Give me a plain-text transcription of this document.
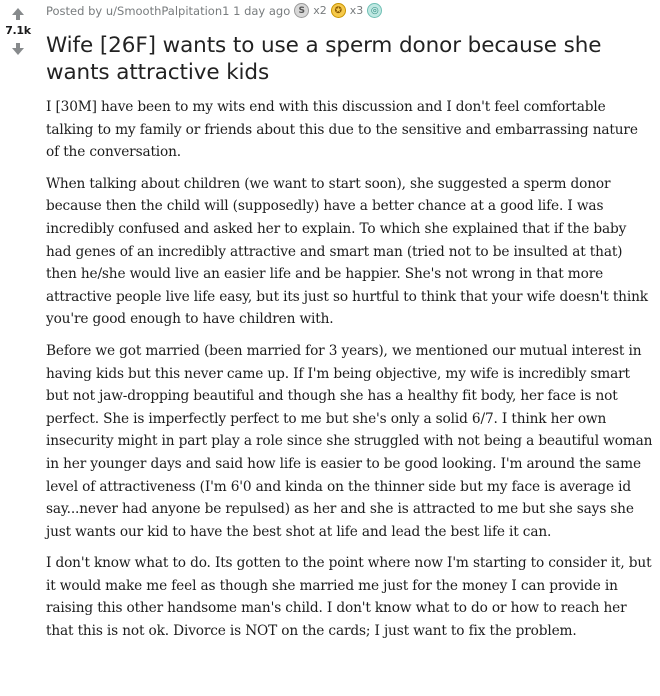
7.1k
Posted by u/SmoothPalpitation1 1 day ago S x2 ✪ x3 ◎
Wife [26F] wants to use a sperm donor because she wants attractive kids

I [30M] have been to my wits end with this discussion and I don't feel comfortable talking to my family or friends about this due to the sensitive and embarrassing nature of the conversation.

When talking about children (we want to start soon), she suggested a sperm donor because then the child will (supposedly) have a better chance at a good life. I was incredibly confused and asked her to explain. To which she explained that if the baby had genes of an incredibly attractive and smart man (tried not to be insulted at that) then he/she would live an easier life and be happier. She's not wrong in that more attractive people live life easy, but its just so hurtful to think that your wife doesn't think you're good enough to have children with.

Before we got married (been married for 3 years), we mentioned our mutual interest in having kids but this never came up. If I'm being objective, my wife is incredibly smart but not jaw-dropping beautiful and though she has a healthy fit body, her face is not perfect. She is imperfectly perfect to me but she's only a solid 6/7. I think her own insecurity might in part play a role since she struggled with not being a beautiful woman in her younger days and said how life is easier to be good looking. I'm around the same level of attractiveness (I'm 6'0 and kinda on the thinner side but my face is average id say...never had anyone be repulsed) as her and she is attracted to me but she says she just wants our kid to have the best shot at life and lead the best life it can.

I don't know what to do. Its gotten to the point where now I'm starting to consider it, but it would make me feel as though she married me just for the money I can provide in raising this other handsome man's child. I don't know what to do or how to reach her that this is not ok. Divorce is NOT on the cards; I just want to fix the problem.
